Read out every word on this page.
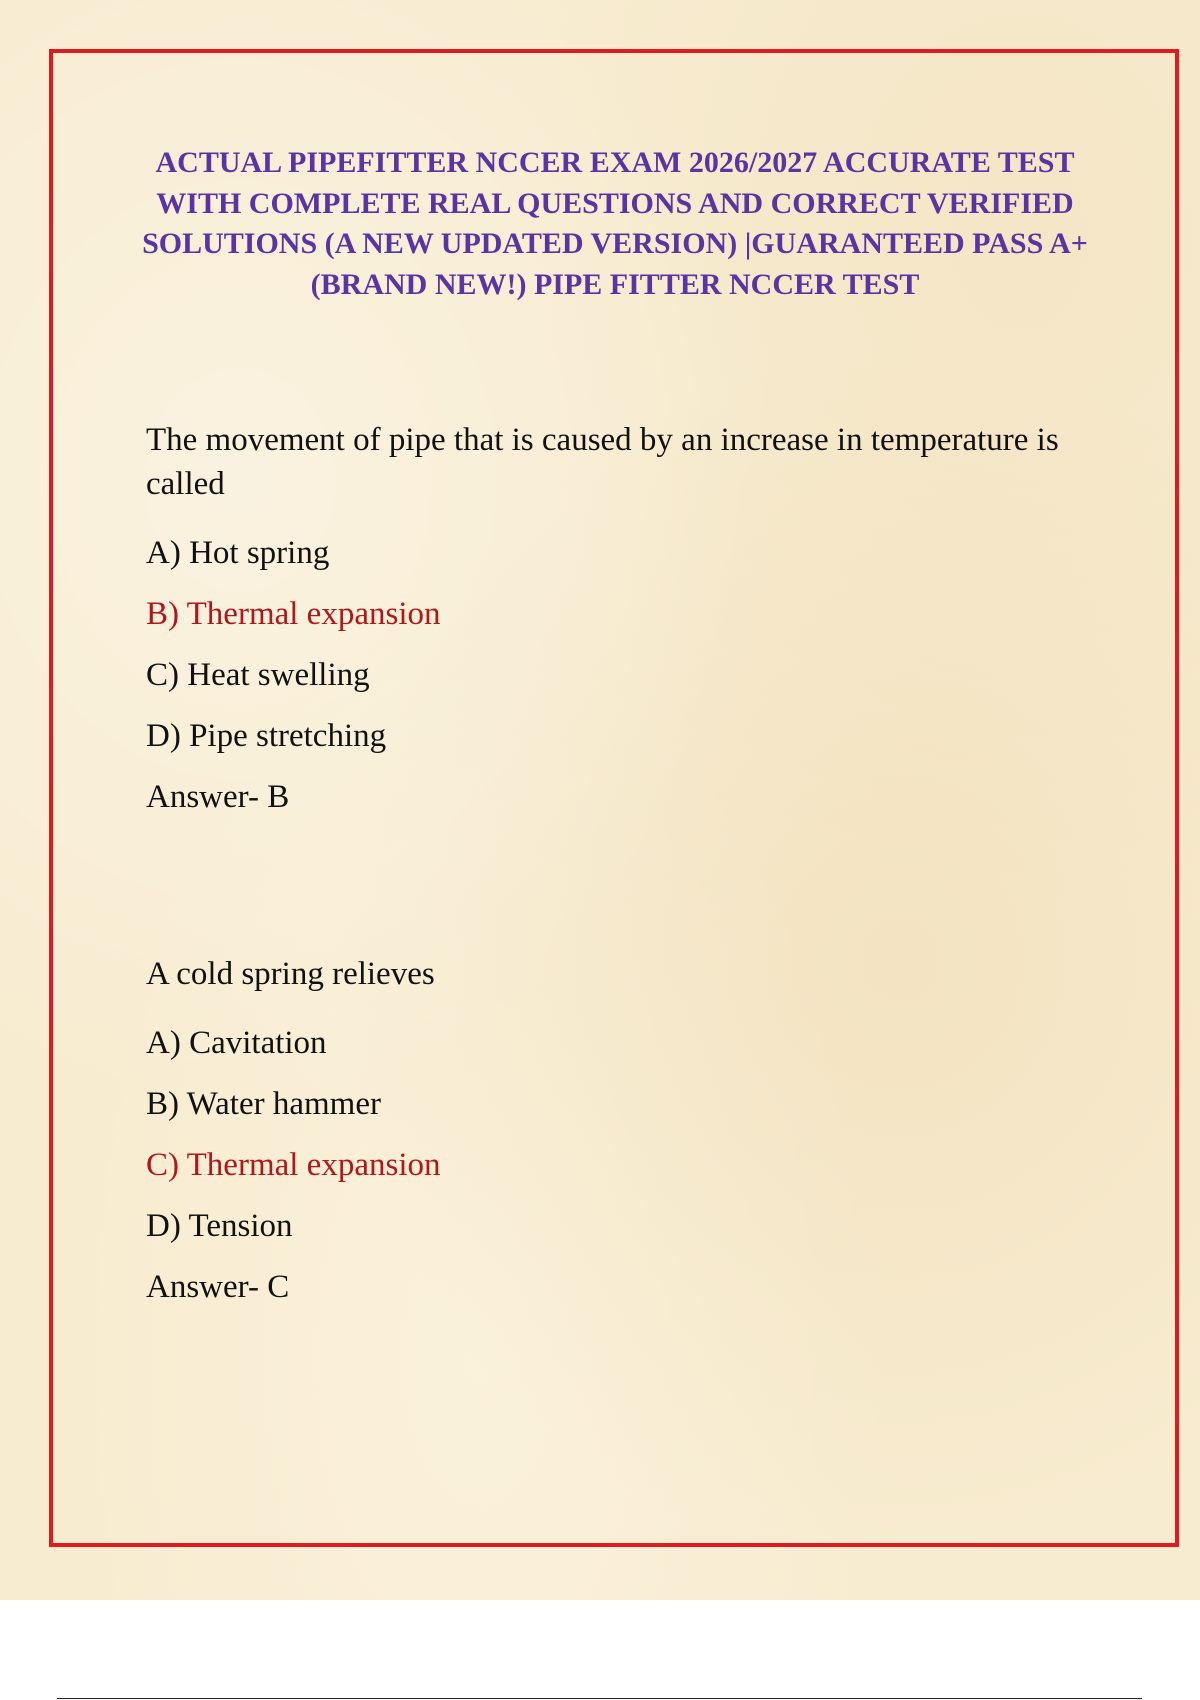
ACTUAL PIPEFITTER NCCER EXAM 2026/2027 ACCURATE TEST WITH COMPLETE REAL QUESTIONS AND CORRECT VERIFIED SOLUTIONS (A NEW UPDATED VERSION) |GUARANTEED PASS A+ (BRAND NEW!) PIPE FITTER NCCER TEST

The movement of pipe that is caused by an increase in temperature is called

A) Hot spring
B) Thermal expansion
C) Heat swelling
D) Pipe stretching
Answer- B

A cold spring relieves

A) Cavitation
B) Water hammer
C) Thermal expansion
D) Tension
Answer- C
